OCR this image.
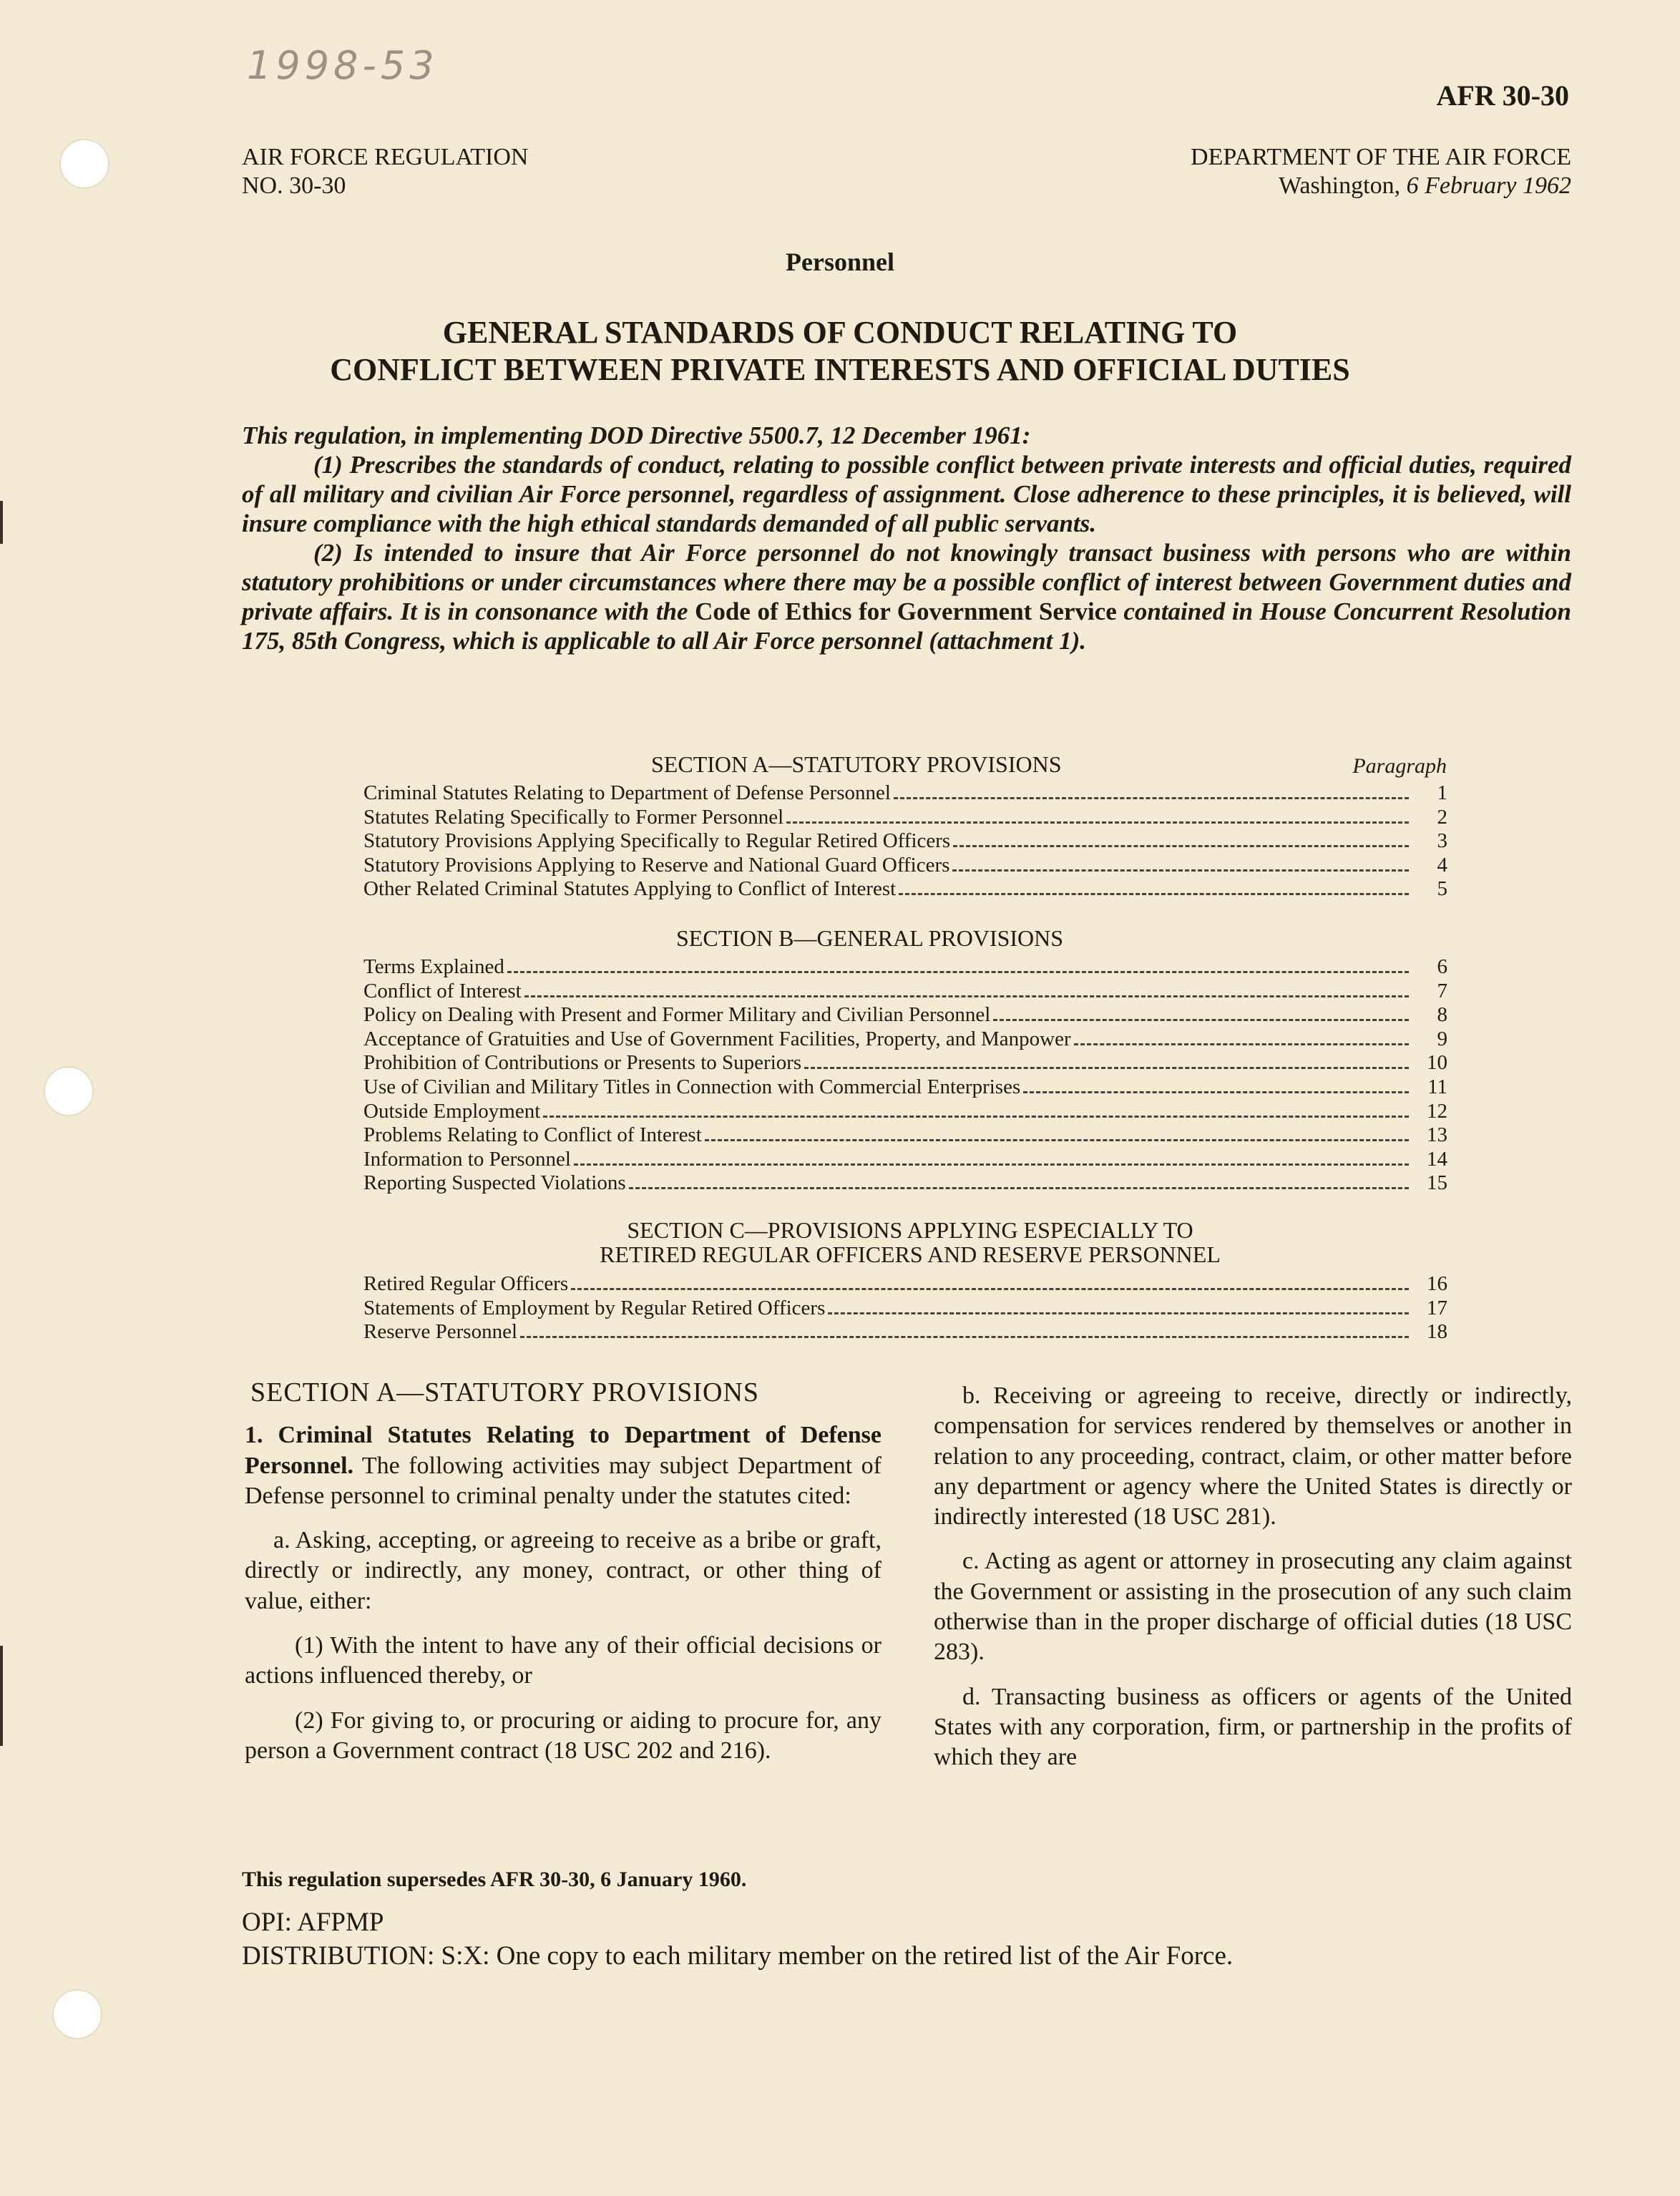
1998-53
AFR 30-30
AIR FORCE REGULATION
NO. 30-30
DEPARTMENT OF THE AIR FORCE
Washington, 6 February 1962
Personnel
GENERAL STANDARDS OF CONDUCT RELATING TO
CONFLICT BETWEEN PRIVATE INTERESTS AND OFFICIAL DUTIES

This regulation, in implementing DOD Directive 5500.7, 12 December 1961:

(1) Prescribes the standards of conduct, relating to possible conflict between private interests and official duties, required of all military and civilian Air Force personnel, regardless of assignment. Close adherence to these principles, it is believed, will insure compliance with the high ethical standards demanded of all public servants.

(2) Is intended to insure that Air Force personnel do not knowingly transact business with persons who are within statutory prohibitions or under circumstances where there may be a possible conflict of interest between Government duties and private affairs. It is in consonance with the Code of Ethics for Government Service contained in House Concurrent Resolution 175, 85th Congress, which is applicable to all Air Force personnel (attachment 1).

SECTION A—STATUTORY PROVISIONS	Paragraph
Criminal Statutes Relating to Department of Defense Personnel	1
Statutes Relating Specifically to Former Personnel	2
Statutory Provisions Applying Specifically to Regular Retired Officers	3
Statutory Provisions Applying to Reserve and National Guard Officers	4
Other Related Criminal Statutes Applying to Conflict of Interest	5
SECTION B—GENERAL PROVISIONS
Terms Explained	6
Conflict of Interest	7
Policy on Dealing with Present and Former Military and Civilian Personnel	8
Acceptance of Gratuities and Use of Government Facilities, Property, and Manpower	9
Prohibition of Contributions or Presents to Superiors	10
Use of Civilian and Military Titles in Connection with Commercial Enterprises	11
Outside Employment	12
Problems Relating to Conflict of Interest	13
Information to Personnel	14
Reporting Suspected Violations	15
SECTION C—PROVISIONS APPLYING ESPECIALLY TO
RETIRED REGULAR OFFICERS AND RESERVE PERSONNEL
Retired Regular Officers	16
Statements of Employment by Regular Retired Officers	17
Reserve Personnel	18
SECTION A—STATUTORY PROVISIONS

1. Criminal Statutes Relating to Department of Defense Personnel. The following activities may subject Department of Defense personnel to criminal penalty under the statutes cited:

a. Asking, accepting, or agreeing to receive as a bribe or graft, directly or indirectly, any money, contract, or other thing of value, either:

(1) With the intent to have any of their official decisions or actions influenced thereby, or

(2) For giving to, or procuring or aiding to procure for, any person a Government contract (18 USC 202 and 216).

b. Receiving or agreeing to receive, directly or indirectly, compensation for services rendered by themselves or another in relation to any proceeding, contract, claim, or other matter before any department or agency where the United States is directly or indirectly interested (18 USC 281).

c. Acting as agent or attorney in prosecuting any claim against the Government or assisting in the prosecution of any such claim otherwise than in the proper discharge of official duties (18 USC 283).

d. Transacting business as officers or agents of the United States with any corporation, firm, or partnership in the profits of which they are

This regulation supersedes AFR 30-30, 6 January 1960.
OPI: AFPMP
DISTRIBUTION: S:X: One copy to each military member on the retired list of the Air Force.
